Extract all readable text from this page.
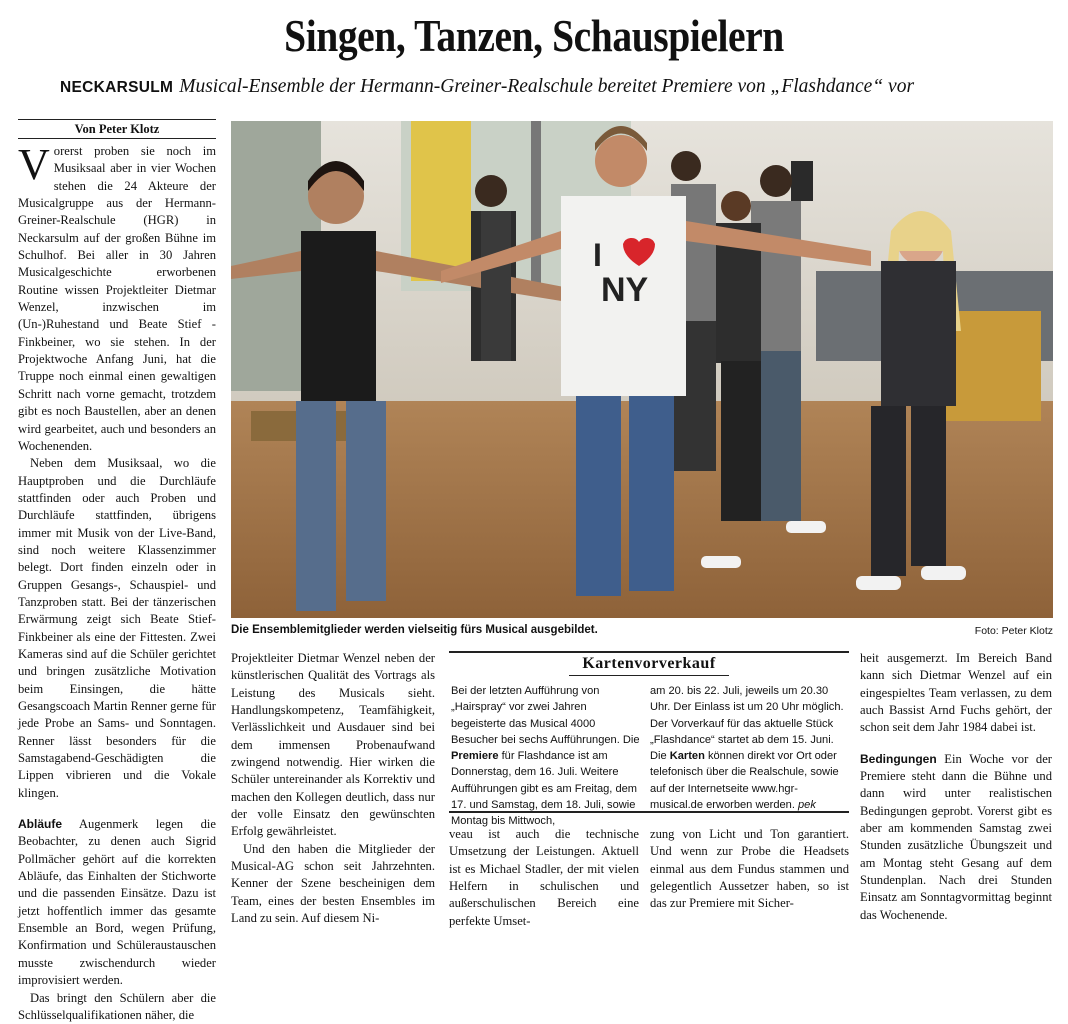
Singen, Tanzen, Schauspielern
NECKARSULM Musical-Ensemble der Hermann-Greiner-Realschule bereitet Premiere von „Flashdance“ vor
Von Peter Klotz

Vorerst proben sie noch im Musiksaal aber in vier Wochen stehen die 24 Akteure der Musicalgruppe aus der Hermann-Greiner-Realschule (HGR) in Neckarsulm auf der großen Bühne im Schulhof. Bei aller in 30 Jahren Musicalgeschichte erworbenen Routine wissen Projektleiter Dietmar Wenzel, inzwischen im (Un-)Ruhestand und Beate Stief -Finkbeiner, wo sie stehen. In der Projektwoche Anfang Juni, hat die Truppe noch einmal einen gewaltigen Schritt nach vorne gemacht, trotzdem gibt es noch Baustellen, aber an denen wird gearbeitet, auch und besonders an Wochenenden.

Neben dem Musiksaal, wo die Hauptproben und die Durchläufe stattfinden oder auch Proben und Durchläufe stattfinden, übrigens immer mit Musik von der Live-Band, sind noch weitere Klassenzimmer belegt. Dort finden einzeln oder in Gruppen Gesangs-, Schauspiel- und Tanzproben statt. Bei der tänzerischen Erwärmung zeigt sich Beate Stief-Finkbeiner als eine der Fittesten. Zwei Kameras sind auf die Schüler gerichtet und bringen zusätzliche Motivation beim Einsingen, die hätte Gesangscoach Martin Renner gerne für jede Probe an Sams- und Sonntagen. Renner lässt besonders für die Samstagabend-Geschädigten die Lippen vibrieren und die Vokale klingen.

Abläufe Augenmerk legen die Beobachter, zu denen auch Sigrid Pollmächer gehört auf die korrekten Abläufe, das Einhalten der Stichworte und die passenden Einsätze. Dazu ist jetzt hoffentlich immer das gesamte Ensemble an Bord, wegen Prüfung, Konfirmation und Schüleraustauschen musste zwischendurch wieder improvisiert werden.

Das bringt den Schülern aber die Schlüsselqualifikationen näher, die

I
NY
Die Ensemblemitglieder werden vielseitig fürs Musical ausgebildet.	Foto: Peter Klotz

Projektleiter Dietmar Wenzel neben der künstlerischen Qualität des Vortrags als Leistung des Musicals sieht. Handlungskompetenz, Teamfähigkeit, Verlässlichkeit und Ausdauer sind bei dem immensen Probenaufwand zwingend notwendig. Hier wirken die Schüler untereinander als Korrektiv und machen den Kollegen deutlich, dass nur der volle Einsatz den gewünschten Erfolg gewährleistet.

Und den haben die Mitglieder der Musical-AG schon seit Jahrzehnten. Kenner der Szene bescheinigen dem Team, eines der besten Ensembles im Land zu sein. Auf diesem Ni-

Kartenvorverkauf
Bei der letzten Aufführung von „Hairspray“ vor zwei Jahren begeisterte das Musical 4000 Besucher bei sechs Aufführungen. Die Premiere für Flashdance ist am Donnerstag, dem 16. Juli. Weitere Aufführungen gibt es am Freitag, dem 17. und Samstag, dem 18. Juli, sowie Montag bis Mittwoch,
am 20. bis 22. Juli, jeweils um 20.30 Uhr. Der Einlass ist um 20 Uhr möglich. Der Vorverkauf für das aktuelle Stück „Flashdance“ startet ab dem 15. Juni. Die Karten können direkt vor Ort oder telefonisch über die Realschule, sowie auf der Internetseite www.hgr-musical.de erworben werden. pek

veau ist auch die technische Umsetzung der Leistungen. Aktuell ist es Michael Stadler, der mit vielen Helfern in schulischen und außerschulischen Bereich eine perfekte Umset-

zung von Licht und Ton garantiert. Und wenn zur Probe die Headsets einmal aus dem Fundus stammen und gelegentlich Aussetzer haben, so ist das zur Premiere mit Sicher-

heit ausgemerzt. Im Bereich Band kann sich Dietmar Wenzel auf ein eingespieltes Team verlassen, zu dem auch Bassist Arnd Fuchs gehört, der schon seit dem Jahr 1984 dabei ist.

Bedingungen Ein Woche vor der Premiere steht dann die Bühne und dann wird unter realistischen Bedingungen geprobt. Vorerst gibt es aber am kommenden Samstag zwei Stunden zusätzliche Übungszeit und am Montag steht Gesang auf dem Stundenplan. Nach drei Stunden Einsatz am Sonntagvormittag beginnt das Wochenende.
